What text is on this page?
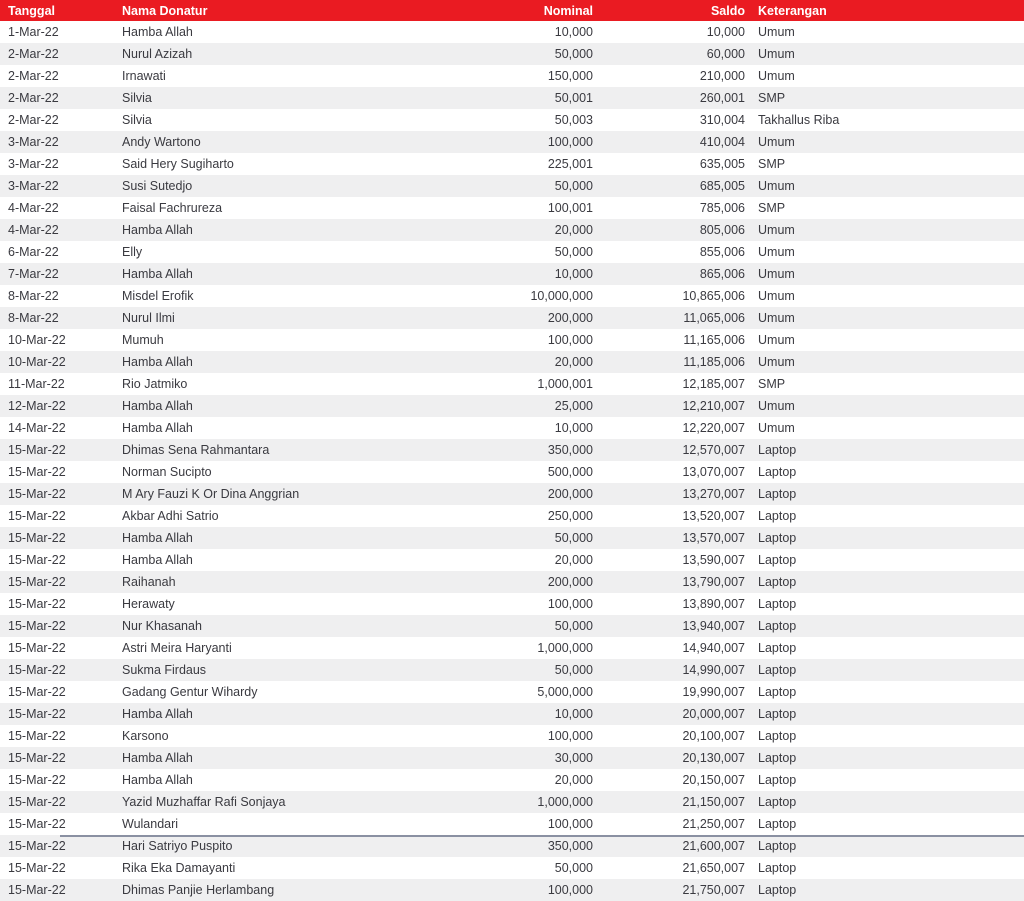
Tanggal	Nama Donatur	Nominal	Saldo	Keterangan
1-Mar-22	Hamba Allah	10,000	10,000	Umum
2-Mar-22	Nurul Azizah	50,000	60,000	Umum
2-Mar-22	Irnawati	150,000	210,000	Umum
2-Mar-22	Silvia	50,001	260,001	SMP
2-Mar-22	Silvia	50,003	310,004	Takhallus Riba
3-Mar-22	Andy Wartono	100,000	410,004	Umum
3-Mar-22	Said Hery Sugiharto	225,001	635,005	SMP
3-Mar-22	Susi Sutedjo	50,000	685,005	Umum
4-Mar-22	Faisal Fachrureza	100,001	785,006	SMP
4-Mar-22	Hamba Allah	20,000	805,006	Umum
6-Mar-22	Elly	50,000	855,006	Umum
7-Mar-22	Hamba Allah	10,000	865,006	Umum
8-Mar-22	Misdel Erofik	10,000,000	10,865,006	Umum
8-Mar-22	Nurul Ilmi	200,000	11,065,006	Umum
10-Mar-22	Mumuh	100,000	11,165,006	Umum
10-Mar-22	Hamba Allah	20,000	11,185,006	Umum
11-Mar-22	Rio Jatmiko	1,000,001	12,185,007	SMP
12-Mar-22	Hamba Allah	25,000	12,210,007	Umum
14-Mar-22	Hamba Allah	10,000	12,220,007	Umum
15-Mar-22	Dhimas Sena Rahmantara	350,000	12,570,007	Laptop
15-Mar-22	Norman Sucipto	500,000	13,070,007	Laptop
15-Mar-22	M Ary Fauzi K Or Dina Anggrian	200,000	13,270,007	Laptop
15-Mar-22	Akbar Adhi Satrio	250,000	13,520,007	Laptop
15-Mar-22	Hamba Allah	50,000	13,570,007	Laptop
15-Mar-22	Hamba Allah	20,000	13,590,007	Laptop
15-Mar-22	Raihanah	200,000	13,790,007	Laptop
15-Mar-22	Herawaty	100,000	13,890,007	Laptop
15-Mar-22	Nur Khasanah	50,000	13,940,007	Laptop
15-Mar-22	Astri Meira Haryanti	1,000,000	14,940,007	Laptop
15-Mar-22	Sukma Firdaus	50,000	14,990,007	Laptop
15-Mar-22	Gadang Gentur Wihardy	5,000,000	19,990,007	Laptop
15-Mar-22	Hamba Allah	10,000	20,000,007	Laptop
15-Mar-22	Karsono	100,000	20,100,007	Laptop
15-Mar-22	Hamba Allah	30,000	20,130,007	Laptop
15-Mar-22	Hamba Allah	20,000	20,150,007	Laptop
15-Mar-22	Yazid Muzhaffar Rafi Sonjaya	1,000,000	21,150,007	Laptop
15-Mar-22	Wulandari	100,000	21,250,007	Laptop
15-Mar-22	Hari Satriyo Puspito	350,000	21,600,007	Laptop
15-Mar-22	Rika Eka Damayanti	50,000	21,650,007	Laptop
15-Mar-22	Dhimas Panjie Herlambang	100,000	21,750,007	Laptop
